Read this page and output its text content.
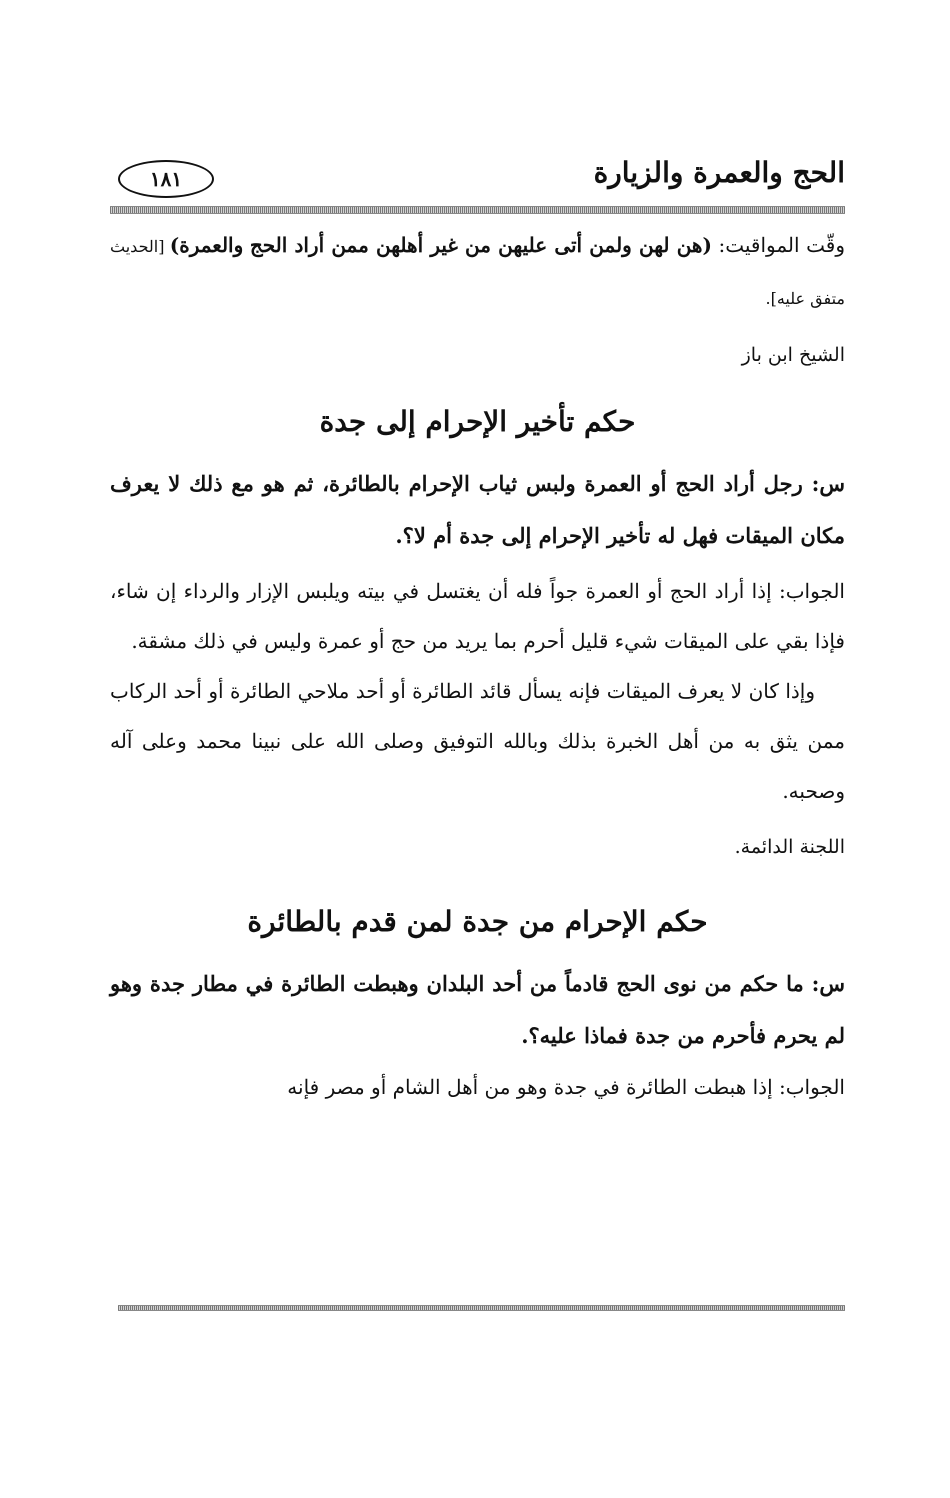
الحج والعمرة والزيارة
١٨١

وقّت المواقيت: (هن لهن ولمن أتى عليهن من غير أهلهن ممن أراد الحج والعمرة) [الحديث متفق عليه].

الشيخ ابن باز
حكم تأخير الإحرام إلى جدة

س: رجل أراد الحج أو العمرة ولبس ثياب الإحرام بالطائرة، ثم هو مع ذلك لا يعرف مكان الميقات فهل له تأخير الإحرام إلى جدة أم لا؟.

الجواب: إذا أراد الحج أو العمرة جواً فله أن يغتسل في بيته ويلبس الإزار والرداء إن شاء، فإذا بقي على الميقات شيء قليل أحرم بما يريد من حج أو عمرة وليس في ذلك مشقة.

وإذا كان لا يعرف الميقات فإنه يسأل قائد الطائرة أو أحد ملاحي الطائرة أو أحد الركاب ممن يثق به من أهل الخبرة بذلك وبالله التوفيق وصلى الله على نبينا محمد وعلى آله وصحبه.

اللجنة الدائمة.
حكم الإحرام من جدة لمن قدم بالطائرة

س: ما حكم من نوى الحج قادماً من أحد البلدان وهبطت الطائرة في مطار جدة وهو لم يحرم فأحرم من جدة فماذا عليه؟.

الجواب: إذا هبطت الطائرة في جدة وهو من أهل الشام أو مصر فإنه
